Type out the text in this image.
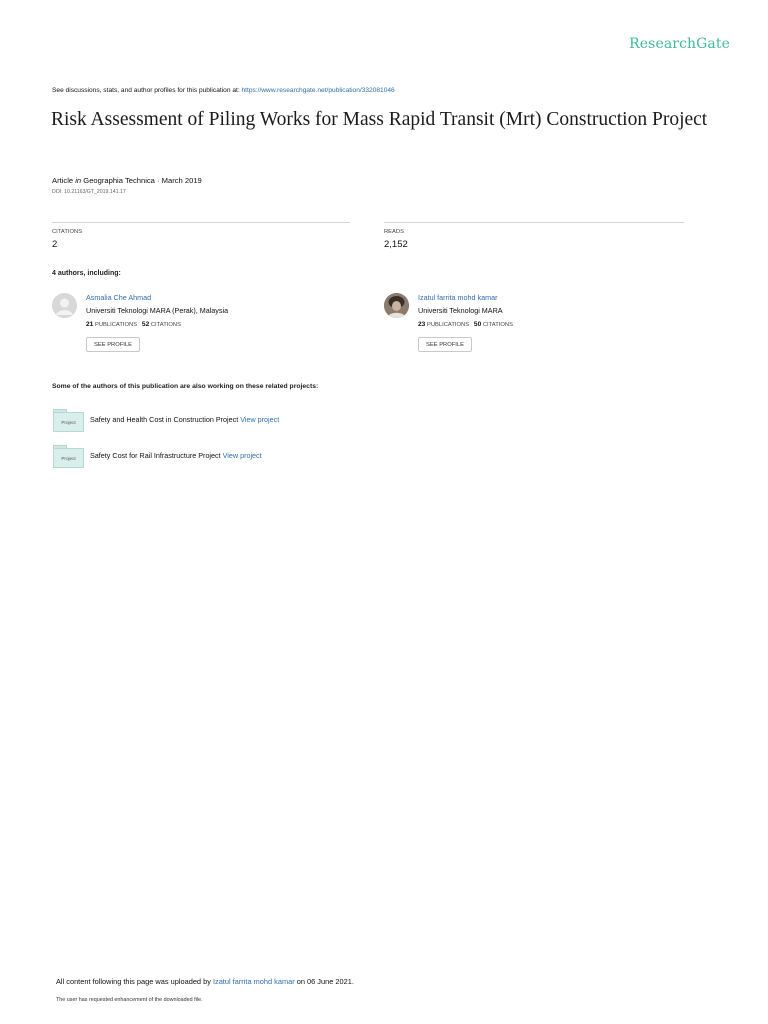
ResearchGate
See discussions, stats, and author profiles for this publication at: https://www.researchgate.net/publication/332081046
Risk Assessment of Piling Works for Mass Rapid Transit (Mrt) Construction Project
Article in Geographia Technica · March 2019
DOI: 10.21163/GT_2019.141.17
CITATIONS
2
READS
2,152
4 authors, including:
Asmalia Che Ahmad
Universiti Teknologi MARA (Perak), Malaysia
21 PUBLICATIONS 52 CITATIONS
SEE PROFILE
Izatul farrita mohd kamar
Universiti Teknologi MARA
23 PUBLICATIONS 50 CITATIONS
SEE PROFILE
Some of the authors of this publication are also working on these related projects:
Project	Safety and Health Cost in Construction Project View project
Project	Safety Cost for Rail Infrastructure Project View project
All content following this page was uploaded by Izatul farrita mohd kamar on 06 June 2021.
The user has requested enhancement of the downloaded file.
